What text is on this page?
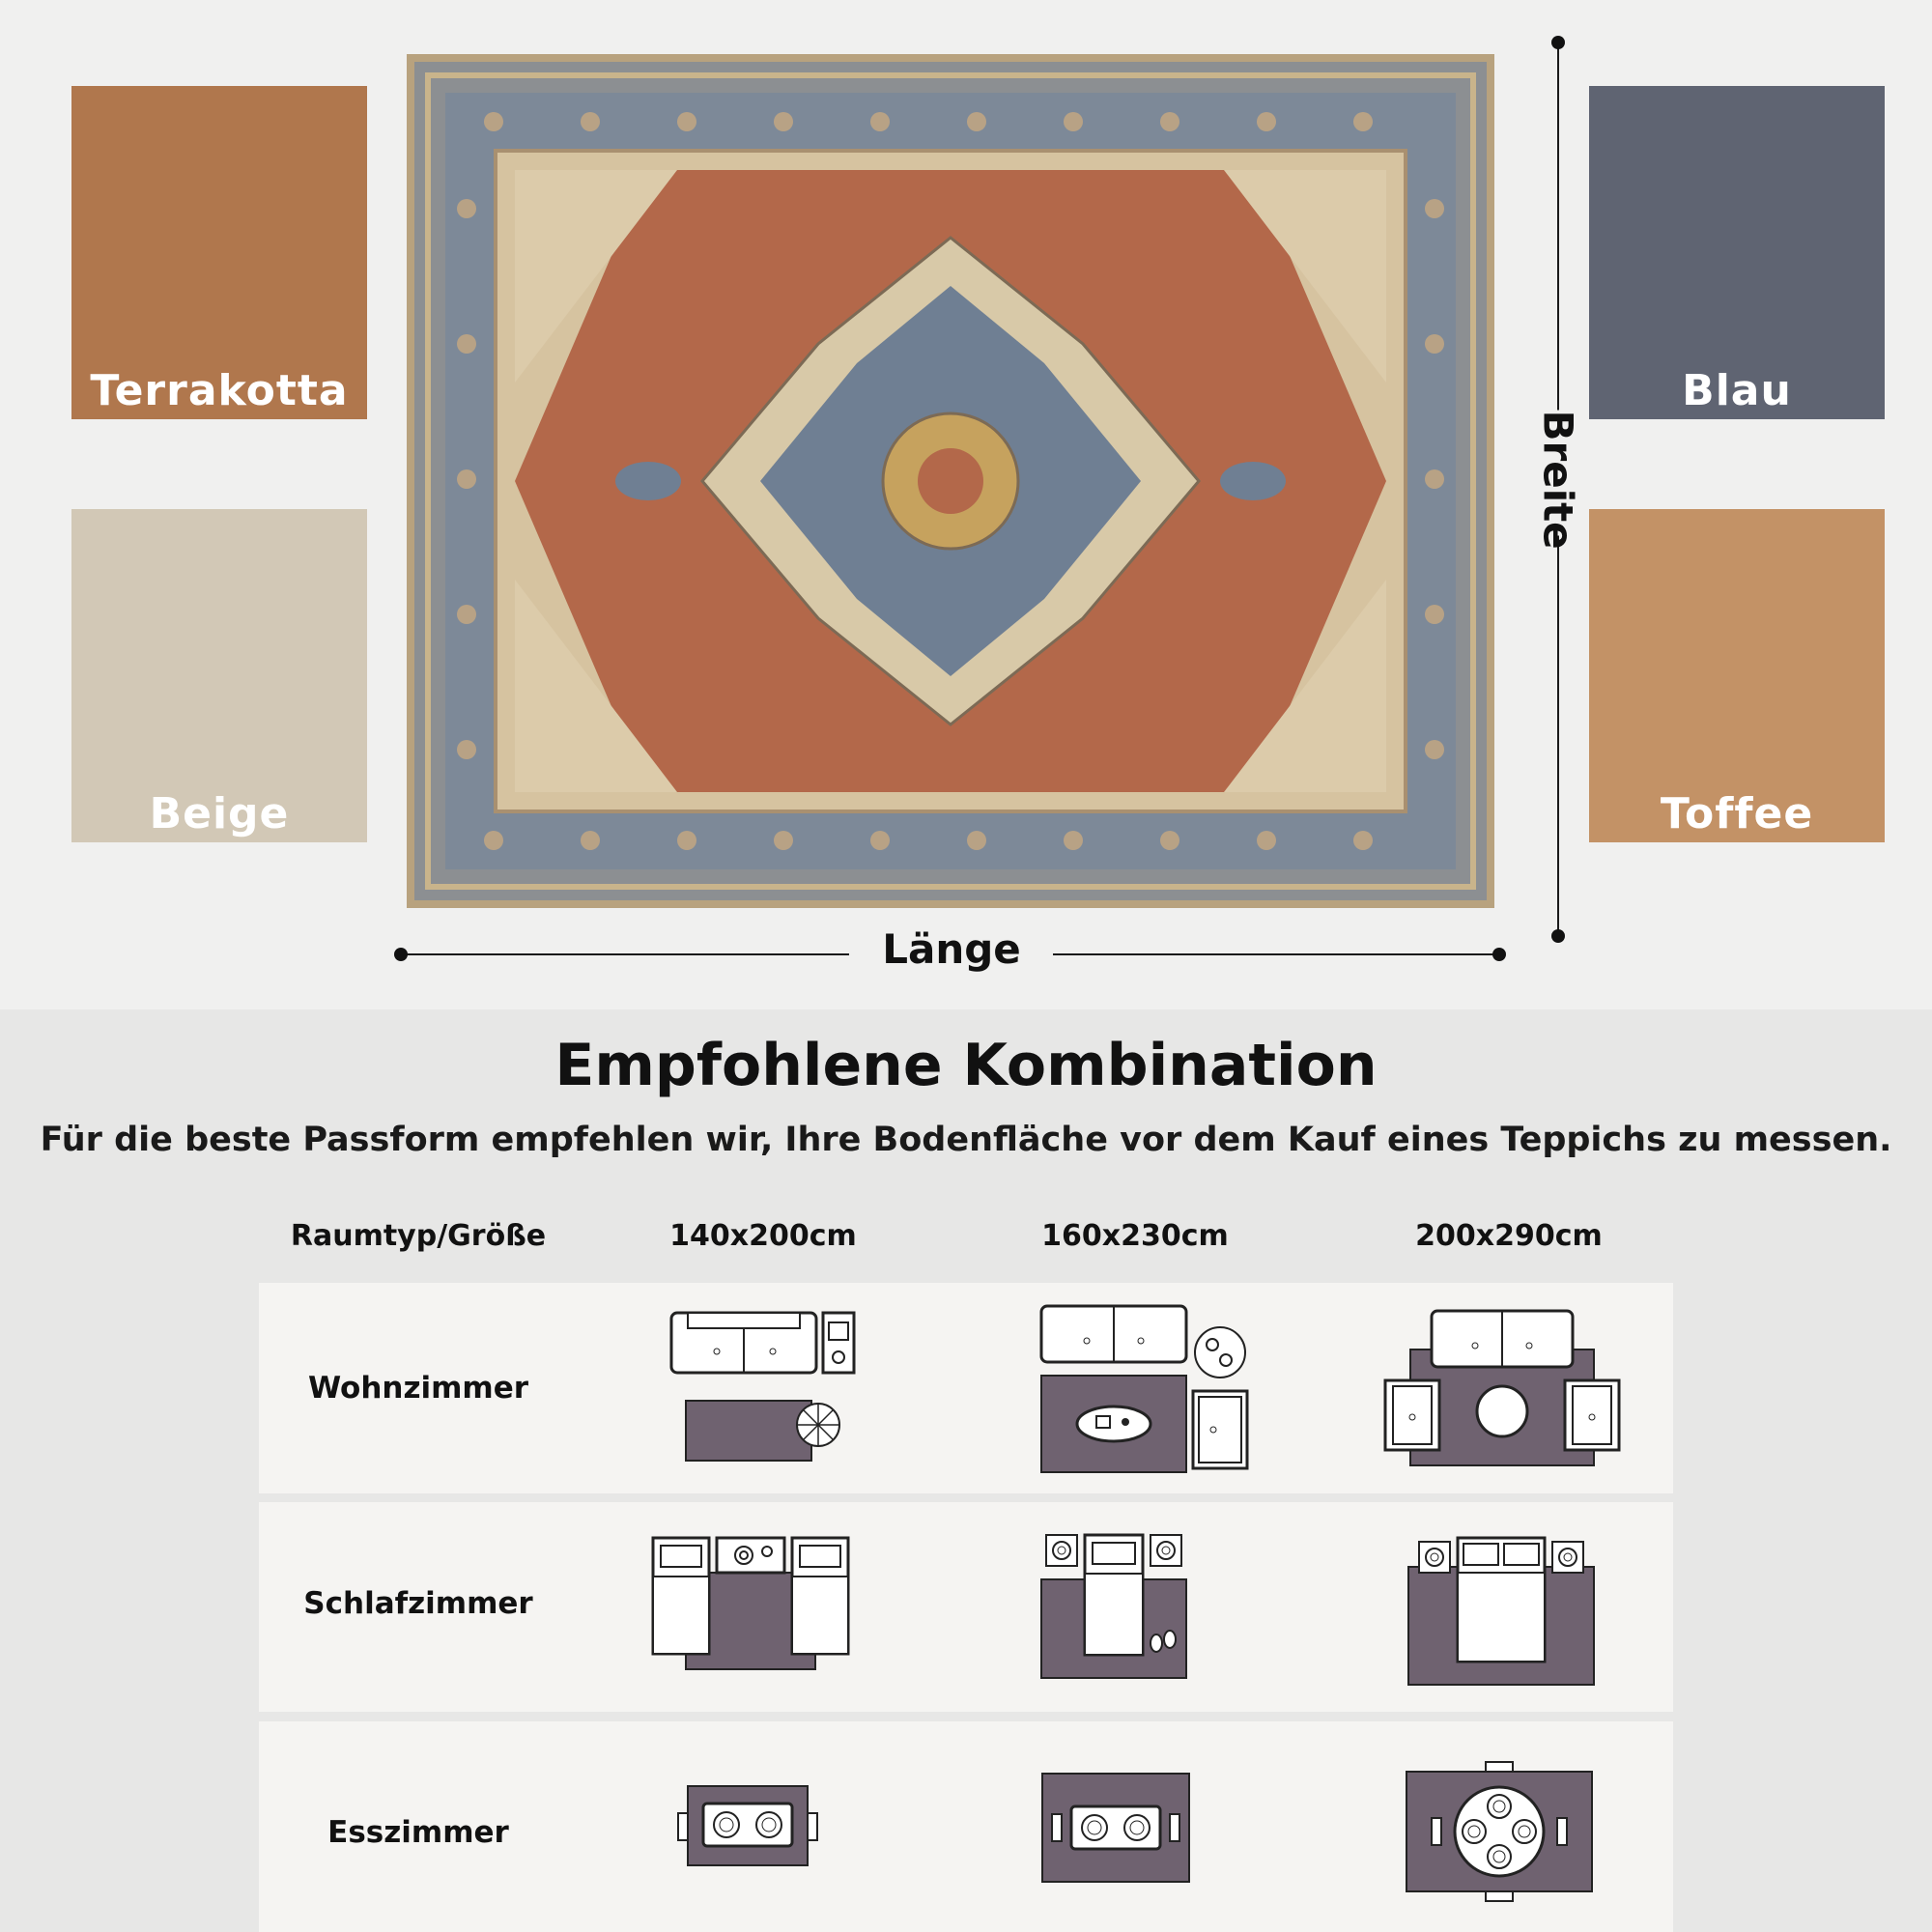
Terrakotta
Beige
Blau
Toffee
Länge
Breite
Empfohlene Kombination
Für die beste Passform empfehlen wir, Ihre Bodenfläche vor dem Kauf eines Teppichs zu messen.
Raumtyp/Größe	140x200cm	160x230cm	200x290cm
Wohnzimmer
Schlafzimmer
Esszimmer
